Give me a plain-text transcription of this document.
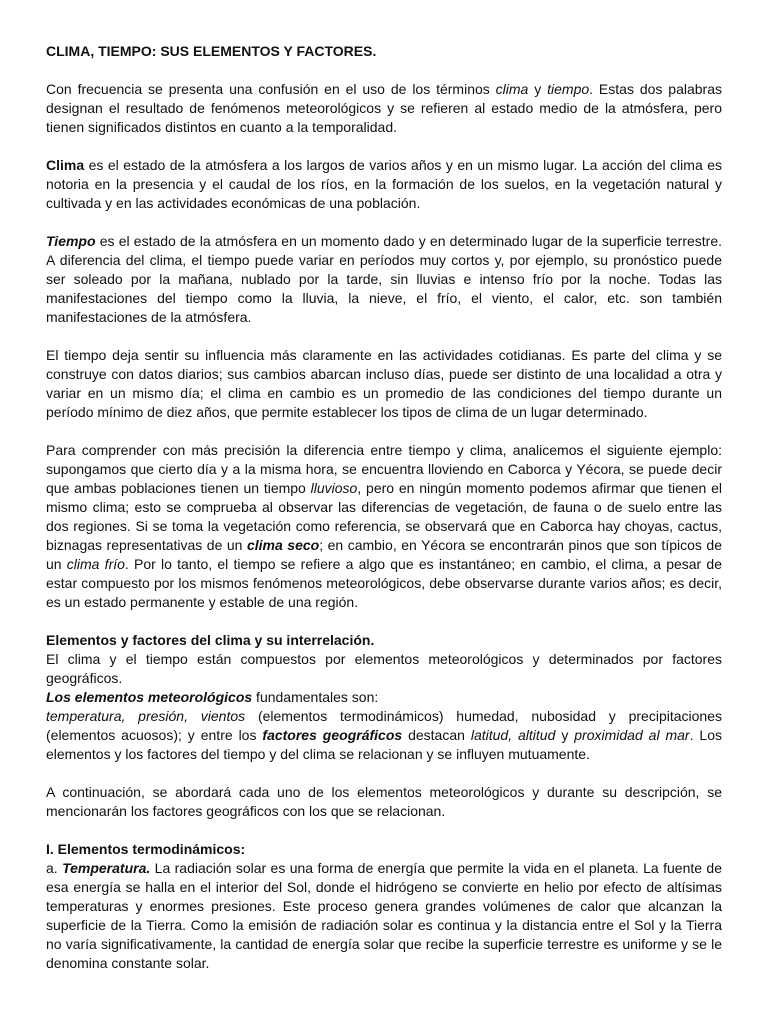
CLIMA, TIEMPO: SUS ELEMENTOS Y FACTORES.

Con frecuencia se presenta una confusión en el uso de los términos clima y tiempo. Estas dos palabras designan el resultado de fenómenos meteorológicos y se refieren al estado medio de la atmósfera, pero tienen significados distintos en cuanto a la temporalidad.

Clima es el estado de la atmósfera a los largos de varios años y en un mismo lugar. La acción del clima es notoria en la presencia y el caudal de los ríos, en la formación de los suelos, en la vegetación natural y cultivada y en las actividades económicas de una población.

Tiempo es el estado de la atmósfera en un momento dado y en determinado lugar de la superficie terrestre. A diferencia del clima, el tiempo puede variar en períodos muy cortos y, por ejemplo, su pronóstico puede ser soleado por la mañana, nublado por la tarde, sin lluvias e intenso frío por la noche. Todas las manifestaciones del tiempo como la lluvia, la nieve, el frío, el viento, el calor, etc. son también manifestaciones de la atmósfera.

El tiempo deja sentir su influencia más claramente en las actividades cotidianas. Es parte del clima y se construye con datos diarios; sus cambios abarcan incluso días, puede ser distinto de una localidad a otra y variar en un mismo día; el clima en cambio es un promedio de las condiciones del tiempo durante un período mínimo de diez años, que permite establecer los tipos de clima de un lugar determinado.

Para comprender con más precisión la diferencia entre tiempo y clima, analicemos el siguiente ejemplo: supongamos que cierto día y a la misma hora, se encuentra lloviendo en Caborca y Yécora, se puede decir que ambas poblaciones tienen un tiempo lluvioso, pero en ningún momento podemos afirmar que tienen el mismo clima; esto se comprueba al observar las diferencias de vegetación, de fauna o de suelo entre las dos regiones. Si se toma la vegetación como referencia, se observará que en Caborca hay choyas, cactus, biznagas representativas de un clima seco; en cambio, en Yécora se encontrarán pinos que son típicos de un clima frío. Por lo tanto, el tiempo se refiere a algo que es instantáneo; en cambio, el clima, a pesar de estar compuesto por los mismos fenómenos meteorológicos, debe observarse durante varios años; es decir, es un estado permanente y estable de una región.

Elementos y factores del clima y su interrelación.

El clima y el tiempo están compuestos por elementos meteorológicos y determinados por factores geográficos.

Los elementos meteorológicos fundamentales son:

temperatura, presión, vientos (elementos termodinámicos) humedad, nubosidad y precipitaciones (elementos acuosos); y entre los factores geográficos destacan latitud, altitud y proximidad al mar. Los elementos y los factores del tiempo y del clima se relacionan y se influyen mutuamente.

A continuación, se abordará cada uno de los elementos meteorológicos y durante su descripción, se mencionarán los factores geográficos con los que se relacionan.

I. Elementos termodinámicos:

a. Temperatura. La radiación solar es una forma de energía que permite la vida en el planeta. La fuente de esa energía se halla en el interior del Sol, donde el hidrógeno se convierte en helio por efecto de altísimas temperaturas y enormes presiones. Este proceso genera grandes volúmenes de calor que alcanzan la superficie de la Tierra. Como la emisión de radiación solar es continua y la distancia entre el Sol y la Tierra no varía significativamente, la cantidad de energía solar que recibe la superficie terrestre es uniforme y se le denomina constante solar.
